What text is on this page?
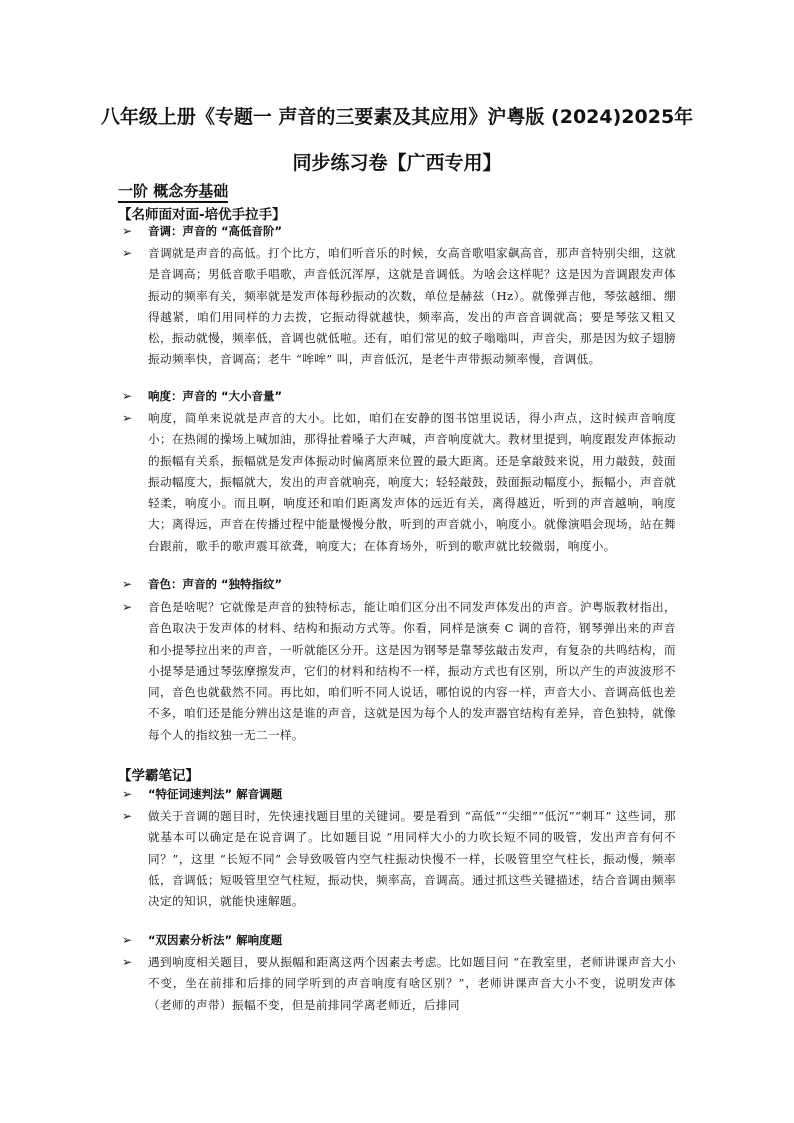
八年级上册《专题一 声音的三要素及其应用》沪粤版 (2024)2025年
同步练习卷【广西专用】
一阶 概念夯基础
【名师面对面-培优手拉手】
➢ 音调：声音的 “高低音阶”
➢ 音调就是声音的高低。打个比方，咱们听音乐的时候，女高音歌唱家飙高音，那声音特别尖细，这就是音调高；男低音歌手唱歌，声音低沉浑厚，这就是音调低。为啥会这样呢？这是因为音调跟发声体振动的频率有关，频率就是发声体每秒振动的次数，单位是赫兹（Hz）。就像弹吉他，琴弦越细、绷得越紧，咱们用同样的力去拨，它振动得就越快，频率高，发出的声音音调就高；要是琴弦又粗又松，振动就慢，频率低，音调也就低啦。还有，咱们常见的蚊子嗡嗡叫，声音尖，那是因为蚊子翅膀振动频率快，音调高；老牛 “哞哞” 叫，声音低沉，是老牛声带振动频率慢，音调低。
➢ 响度：声音的 “大小音量”
➢ 响度，简单来说就是声音的大小。比如，咱们在安静的图书馆里说话，得小声点，这时候声音响度小；在热闹的操场上喊加油，那得扯着嗓子大声喊，声音响度就大。教材里提到，响度跟发声体振动的振幅有关系，振幅就是发声体振动时偏离原来位置的最大距离。还是拿敲鼓来说，用力敲鼓，鼓面振动幅度大，振幅就大，发出的声音就响亮，响度大；轻轻敲鼓，鼓面振动幅度小，振幅小，声音就轻柔，响度小。而且啊，响度还和咱们距离发声体的远近有关，离得越近，听到的声音越响，响度大；离得远，声音在传播过程中能量慢慢分散，听到的声音就小，响度小。就像演唱会现场，站在舞台跟前，歌手的歌声震耳欲聋，响度大；在体育场外，听到的歌声就比较微弱，响度小。
➢ 音色：声音的 “独特指纹”
➢ 音色是啥呢？它就像是声音的独特标志，能让咱们区分出不同发声体发出的声音。沪粤版教材指出，音色取决于发声体的材料、结构和振动方式等。你看，同样是演奏 C 调的音符，钢琴弹出来的声音和小提琴拉出来的声音，一听就能区分开。这是因为钢琴是靠琴弦敲击发声，有复杂的共鸣结构，而小提琴是通过琴弦摩擦发声，它们的材料和结构不一样，振动方式也有区别，所以产生的声波波形不同，音色也就截然不同。再比如，咱们听不同人说话，哪怕说的内容一样，声音大小、音调高低也差不多，咱们还是能分辨出这是谁的声音，这就是因为每个人的发声器官结构有差异，音色独特，就像每个人的指纹独一无二一样。
【学霸笔记】
➢ “特征词速判法” 解音调题
➢ 做关于音调的题目时，先快速找题目里的关键词。要是看到 “高低”“尖细”“低沉”“刺耳” 这些词，那就基本可以确定是在说音调了。比如题目说 “用同样大小的力吹长短不同的吸管，发出声音有何不同？”，这里 “长短不同” 会导致吸管内空气柱振动快慢不一样，长吸管里空气柱长，振动慢，频率低，音调低；短吸管里空气柱短，振动快，频率高，音调高。通过抓这些关键描述，结合音调由频率决定的知识，就能快速解题。
➢ “双因素分析法” 解响度题
➢ 遇到响度相关题目，要从振幅和距离这两个因素去考虑。比如题目问 “在教室里，老师讲课声音大小不变，坐在前排和后排的同学听到的声音响度有啥区别？”，老师讲课声音大小不变，说明发声体（老师的声带）振幅不变，但是前排同学离老师近，后排同
